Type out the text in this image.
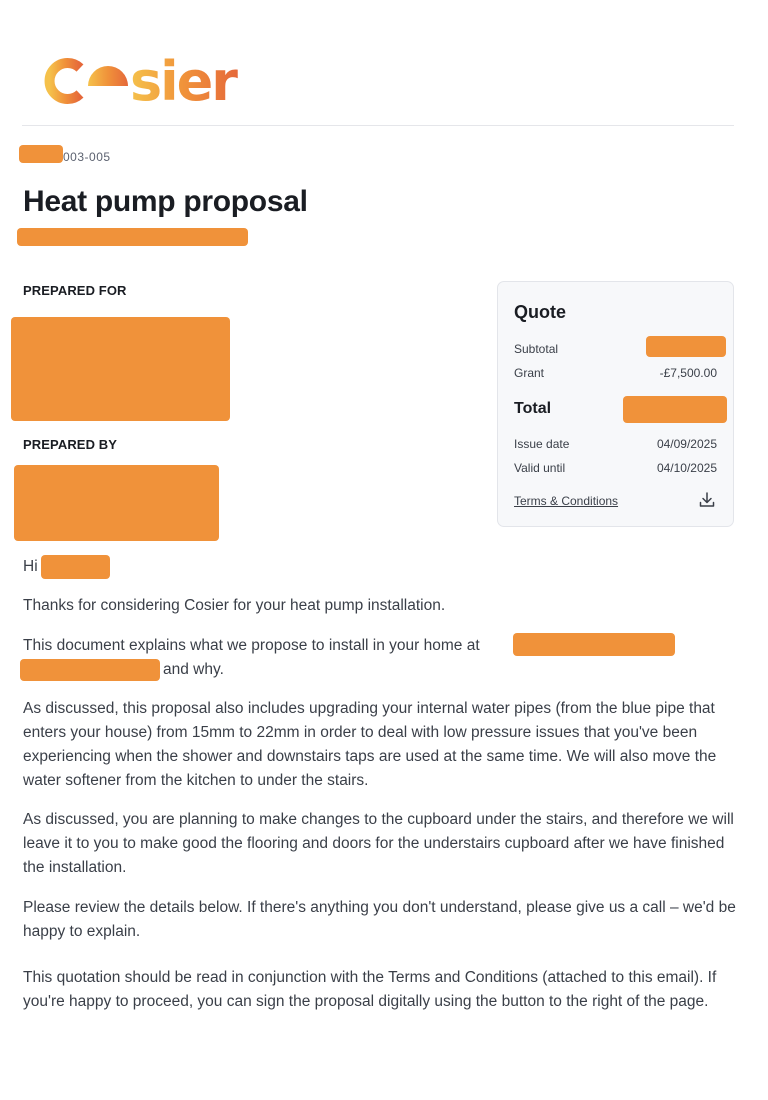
sier
003-005
Heat pump proposal
PREPARED FOR
PREPARED BY
Quote
Subtotal
Grant	-£7,500.00
Total
Issue date	04/09/2025
Valid until	04/10/2025
Terms & Conditions
Hi
Thanks for considering Cosier for your heat pump installation.
This document explains what we propose to install in your home at
and why.
As discussed, this proposal also includes upgrading your internal water pipes (from the blue pipe that enters your house) from 15mm to 22mm in order to deal with low pressure issues that you've been experiencing when the shower and downstairs taps are used at the same time. We will also move the water softener from the kitchen to under the stairs.
As discussed, you are planning to make changes to the cupboard under the stairs, and therefore we will leave it to you to make good the flooring and doors for the understairs cupboard after we have finished the installation.
Please review the details below. If there's anything you don't understand, please give us a call – we'd be happy to explain.
This quotation should be read in conjunction with the Terms and Conditions (attached to this email). If you're happy to proceed, you can sign the proposal digitally using the button to the right of the page.
